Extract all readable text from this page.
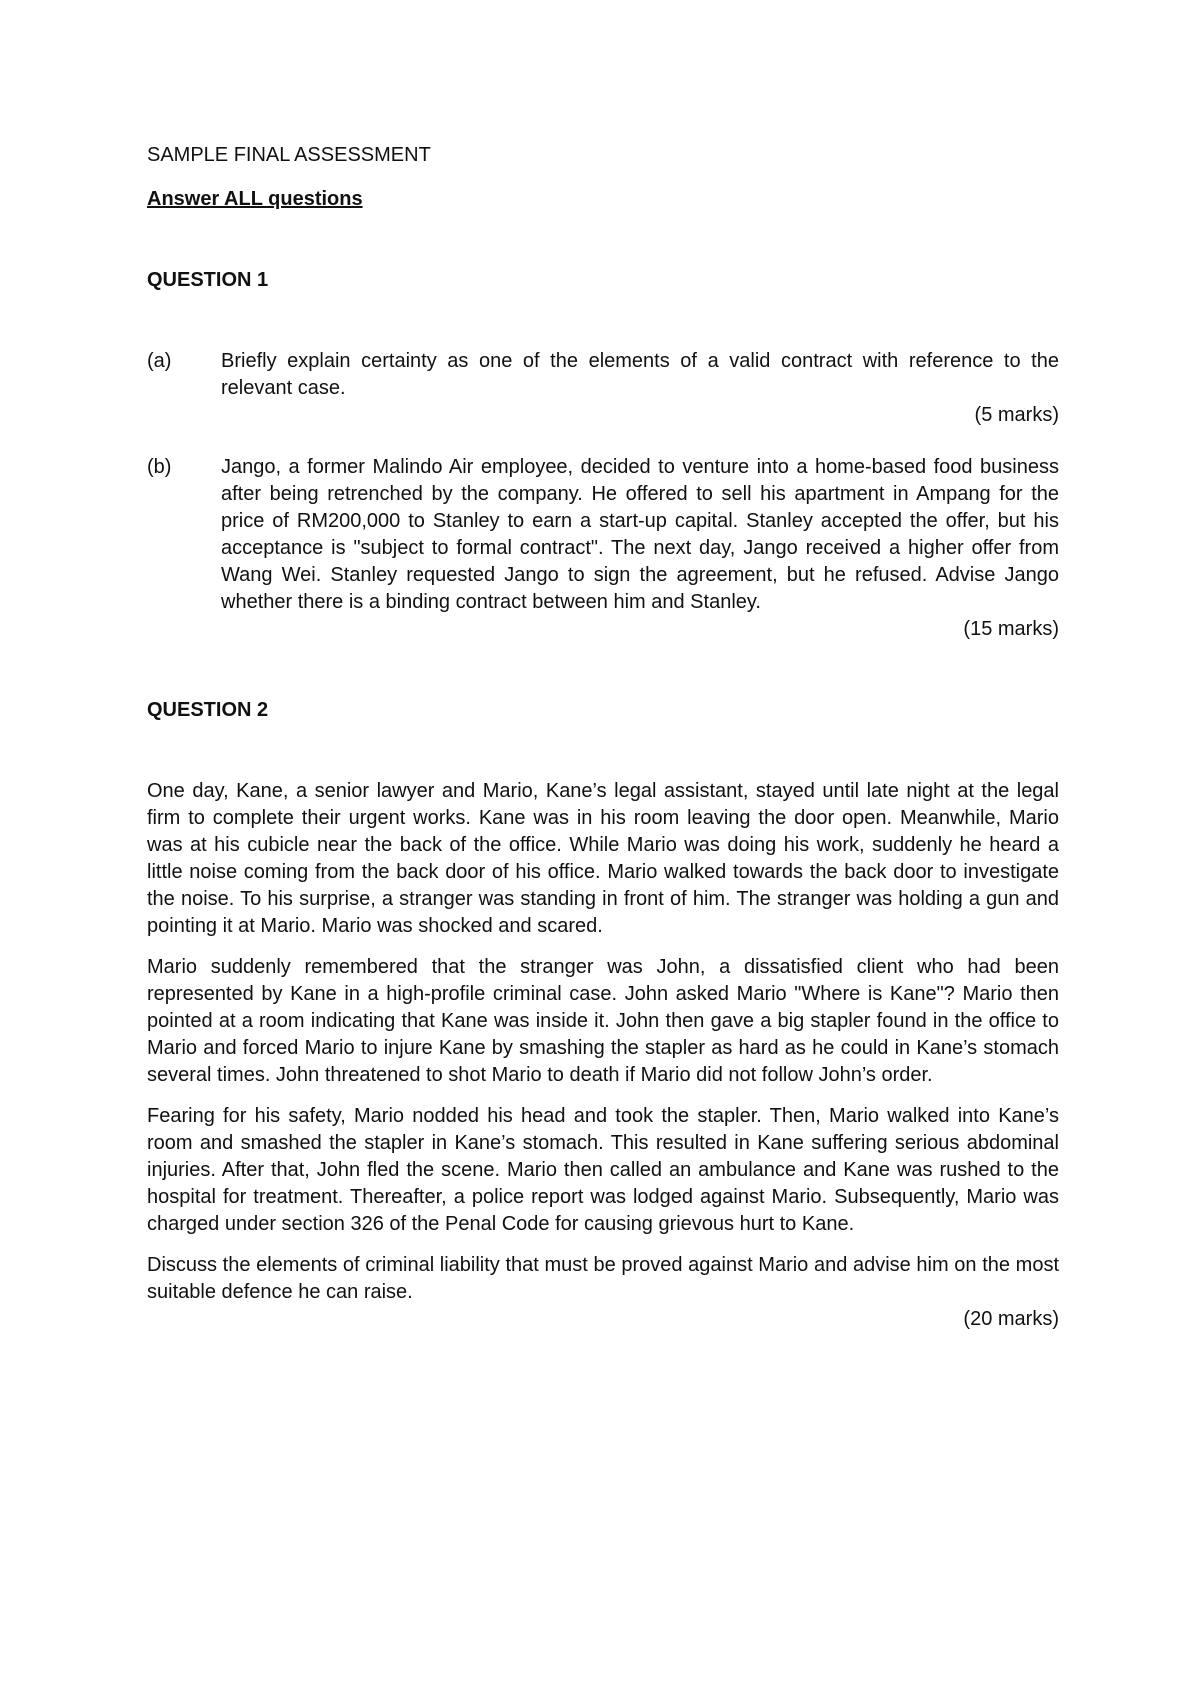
SAMPLE FINAL ASSESSMENT

Answer ALL questions

QUESTION 1

(a)	Briefly explain certainty as one of the elements of a valid contract with reference to the relevant case.

(5 marks)

(b)	Jango, a former Malindo Air employee, decided to venture into a home-based food business after being retrenched by the company. He offered to sell his apartment in Ampang for the price of RM200,000 to Stanley to earn a start-up capital. Stanley accepted the offer, but his acceptance is "subject to formal contract". The next day, Jango received a higher offer from Wang Wei. Stanley requested Jango to sign the agreement, but he refused. Advise Jango whether there is a binding contract between him and Stanley.

(15 marks)

QUESTION 2

One day, Kane, a senior lawyer and Mario, Kane’s legal assistant, stayed until late night at the legal firm to complete their urgent works. Kane was in his room leaving the door open. Meanwhile, Mario was at his cubicle near the back of the office. While Mario was doing his work, suddenly he heard a little noise coming from the back door of his office. Mario walked towards the back door to investigate the noise. To his surprise, a stranger was standing in front of him. The stranger was holding a gun and pointing it at Mario. Mario was shocked and scared.

Mario suddenly remembered that the stranger was John, a dissatisfied client who had been represented by Kane in a high-profile criminal case. John asked Mario "Where is Kane"? Mario then pointed at a room indicating that Kane was inside it. John then gave a big stapler found in the office to Mario and forced Mario to injure Kane by smashing the stapler as hard as he could in Kane’s stomach several times. John threatened to shot Mario to death if Mario did not follow John’s order.

Fearing for his safety, Mario nodded his head and took the stapler. Then, Mario walked into Kane’s room and smashed the stapler in Kane’s stomach. This resulted in Kane suffering serious abdominal injuries. After that, John fled the scene. Mario then called an ambulance and Kane was rushed to the hospital for treatment. Thereafter, a police report was lodged against Mario. Subsequently, Mario was charged under section 326 of the Penal Code for causing grievous hurt to Kane.

Discuss the elements of criminal liability that must be proved against Mario and advise him on the most suitable defence he can raise.

(20 marks)
